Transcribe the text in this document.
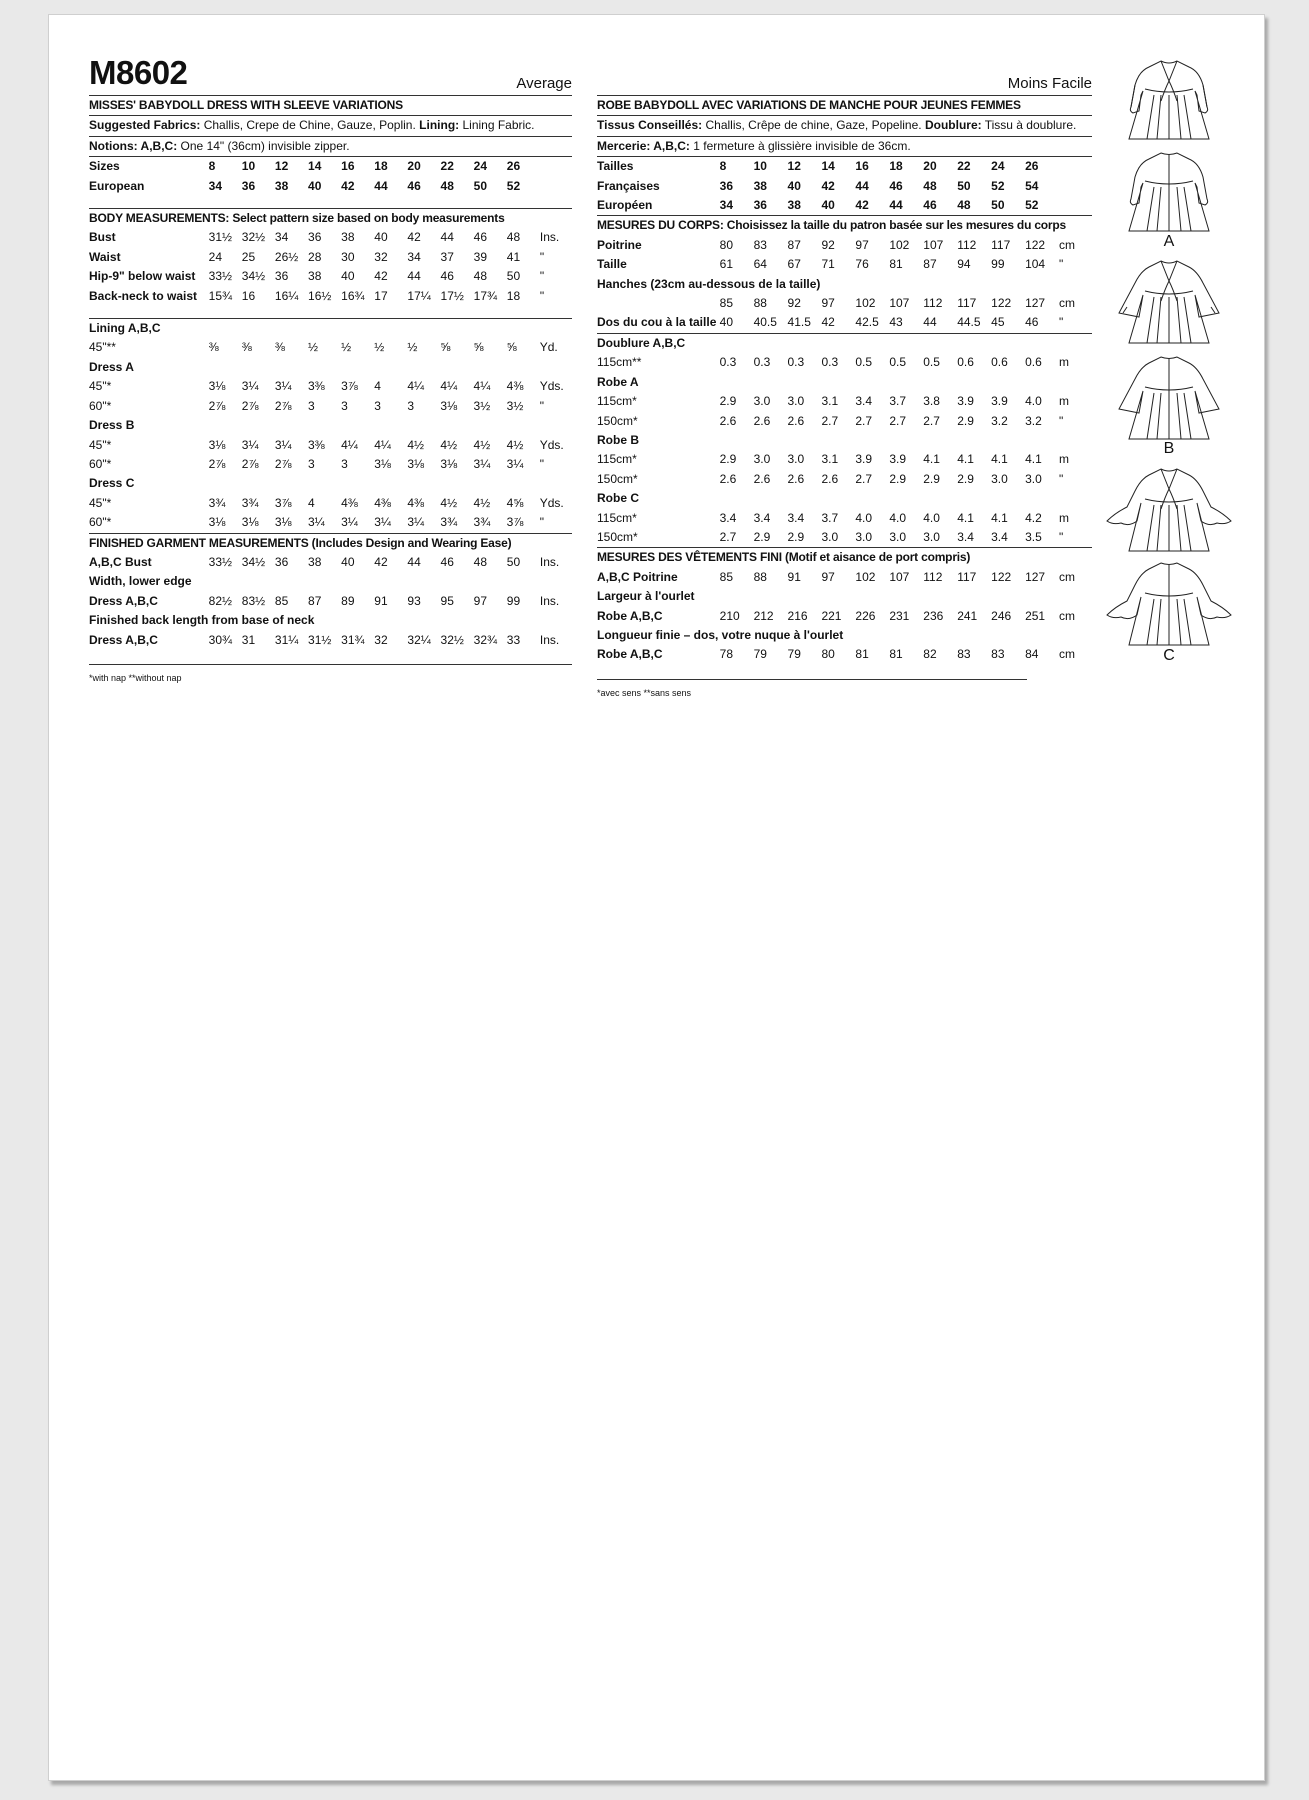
M8602	Average
MISSES' BABYDOLL DRESS WITH SLEEVE VARIATIONS
Suggested Fabrics: Challis, Crepe de Chine, Gauze, Poplin. Lining: Lining Fabric.
Notions: A,B,C: One 14" (36cm) invisible zipper.
Sizes	8	10	12	14	16	18	20	22	24	26	
European	34	36	38	40	42	44	46	48	50	52	
BODY MEASUREMENTS: Select pattern size based on body measurements
Bust	31½	32½	34	36	38	40	42	44	46	48	Ins.
Waist	24	25	26½	28	30	32	34	37	39	41	"
Hip-9" below waist	33½	34½	36	38	40	42	44	46	48	50	"
Back-neck to waist	15¾	16	16¼	16½	16¾	17	17¼	17½	17¾	18	"
Lining A,B,C											
45"**	⅜	⅜	⅜	½	½	½	½	⅝	⅝	⅝	Yd.
Dress A											
45"*	3⅛	3¼	3¼	3⅜	3⅞	4	4¼	4¼	4¼	4⅜	Yds.
60"*	2⅞	2⅞	2⅞	3	3	3	3	3⅛	3½	3½	"
Dress B											
45"*	3⅛	3¼	3¼	3⅜	4¼	4¼	4½	4½	4½	4½	Yds.
60"*	2⅞	2⅞	2⅞	3	3	3⅛	3⅛	3⅛	3¼	3¼	"
Dress C											
45"*	3¾	3¾	3⅞	4	4⅜	4⅜	4⅜	4½	4½	4⅝	Yds.
60"*	3⅛	3⅛	3⅛	3¼	3¼	3¼	3¼	3¾	3¾	3⅞	"
FINISHED GARMENT MEASUREMENTS (Includes Design and Wearing Ease)
A,B,C Bust	33½	34½	36	38	40	42	44	46	48	50	Ins.
Width, lower edge											
Dress A,B,C	82½	83½	85	87	89	91	93	95	97	99	Ins.
Finished back length from base of neck											
Dress A,B,C	30¾	31	31¼	31½	31¾	32	32¼	32½	32¾	33	Ins.
*with nap **without nap
Moins Facile
ROBE BABYDOLL AVEC VARIATIONS DE MANCHE POUR JEUNES FEMMES
Tissus Conseillés: Challis, Crêpe de chine, Gaze, Popeline. Doublure: Tissu à doublure.
Mercerie: A,B,C: 1 fermeture à glissière invisible de 36cm.
Tailles	8	10	12	14	16	18	20	22	24	26	
Françaises	36	38	40	42	44	46	48	50	52	54	
Européen	34	36	38	40	42	44	46	48	50	52	
MESURES DU CORPS: Choisissez la taille du patron basée sur les mesures du corps
Poitrine	80	83	87	92	97	102	107	112	117	122	cm
Taille	61	64	67	71	76	81	87	94	99	104	"
Hanches (23cm au-dessous de la taille)											
	85	88	92	97	102	107	112	117	122	127	cm
Dos du cou à la taille	40	40.5	41.5	42	42.5	43	44	44.5	45	46	"
Doublure A,B,C											
115cm**	0.3	0.3	0.3	0.3	0.5	0.5	0.5	0.6	0.6	0.6	m
Robe A											
115cm*	2.9	3.0	3.0	3.1	3.4	3.7	3.8	3.9	3.9	4.0	m
150cm*	2.6	2.6	2.6	2.7	2.7	2.7	2.7	2.9	3.2	3.2	"
Robe B											
115cm*	2.9	3.0	3.0	3.1	3.9	3.9	4.1	4.1	4.1	4.1	m
150cm*	2.6	2.6	2.6	2.6	2.7	2.9	2.9	2.9	3.0	3.0	"
Robe C											
115cm*	3.4	3.4	3.4	3.7	4.0	4.0	4.0	4.1	4.1	4.2	m
150cm*	2.7	2.9	2.9	3.0	3.0	3.0	3.0	3.4	3.4	3.5	"
MESURES DES VÊTEMENTS FINI (Motif et aisance de port compris)
A,B,C Poitrine	85	88	91	97	102	107	112	117	122	127	cm
Largeur à l'ourlet											
Robe A,B,C	210	212	216	221	226	231	236	241	246	251	cm
Longueur finie – dos, votre nuque à l'ourlet											
Robe A,B,C	78	79	79	80	81	81	82	83	83	84	cm
*avec sens **sans sens
A
B
C
